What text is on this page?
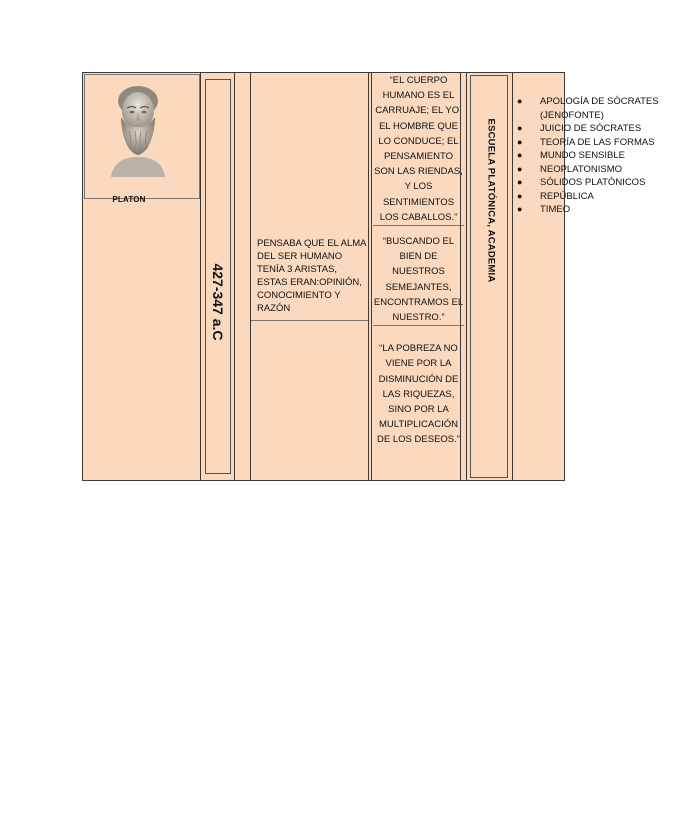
PLATON
427-347 a.C
PENSABA QUE EL ALMA DEL SER HUMANO TENÍA 3 ARISTAS, ESTAS ERAN:OPINIÓN, CONOCIMIENTO Y RAZÓN

“EL CUERPO HUMANO ES EL CARRUAJE; EL YO, EL HOMBRE QUE LO CONDUCE; EL PENSAMIENTO SON LAS RIENDAS, Y LOS SENTIMIENTOS LOS CABALLOS.”

“BUSCANDO EL BIEN DE NUESTROS SEMEJANTES, ENCONTRAMOS EL NUESTRO.”

“LA POBREZA NO VIENE POR LA DISMINUCIÓN DE LAS RIQUEZAS, SINO POR LA MULTIPLICACIÓN DE LOS DESEOS.”

ESCUELA PLATÓNICA, ACADEMIA
● APOLOGÍA DE SÓCRATES (JENOFONTE)
● JUICIO DE SÓCRATES
● TEORÍA DE LAS FORMAS
● MUNDO SENSIBLE
● NEOPLATONISMO
● SÓLIDOS PLATÓNICOS
● REPÚBLICA
● TIMEO
